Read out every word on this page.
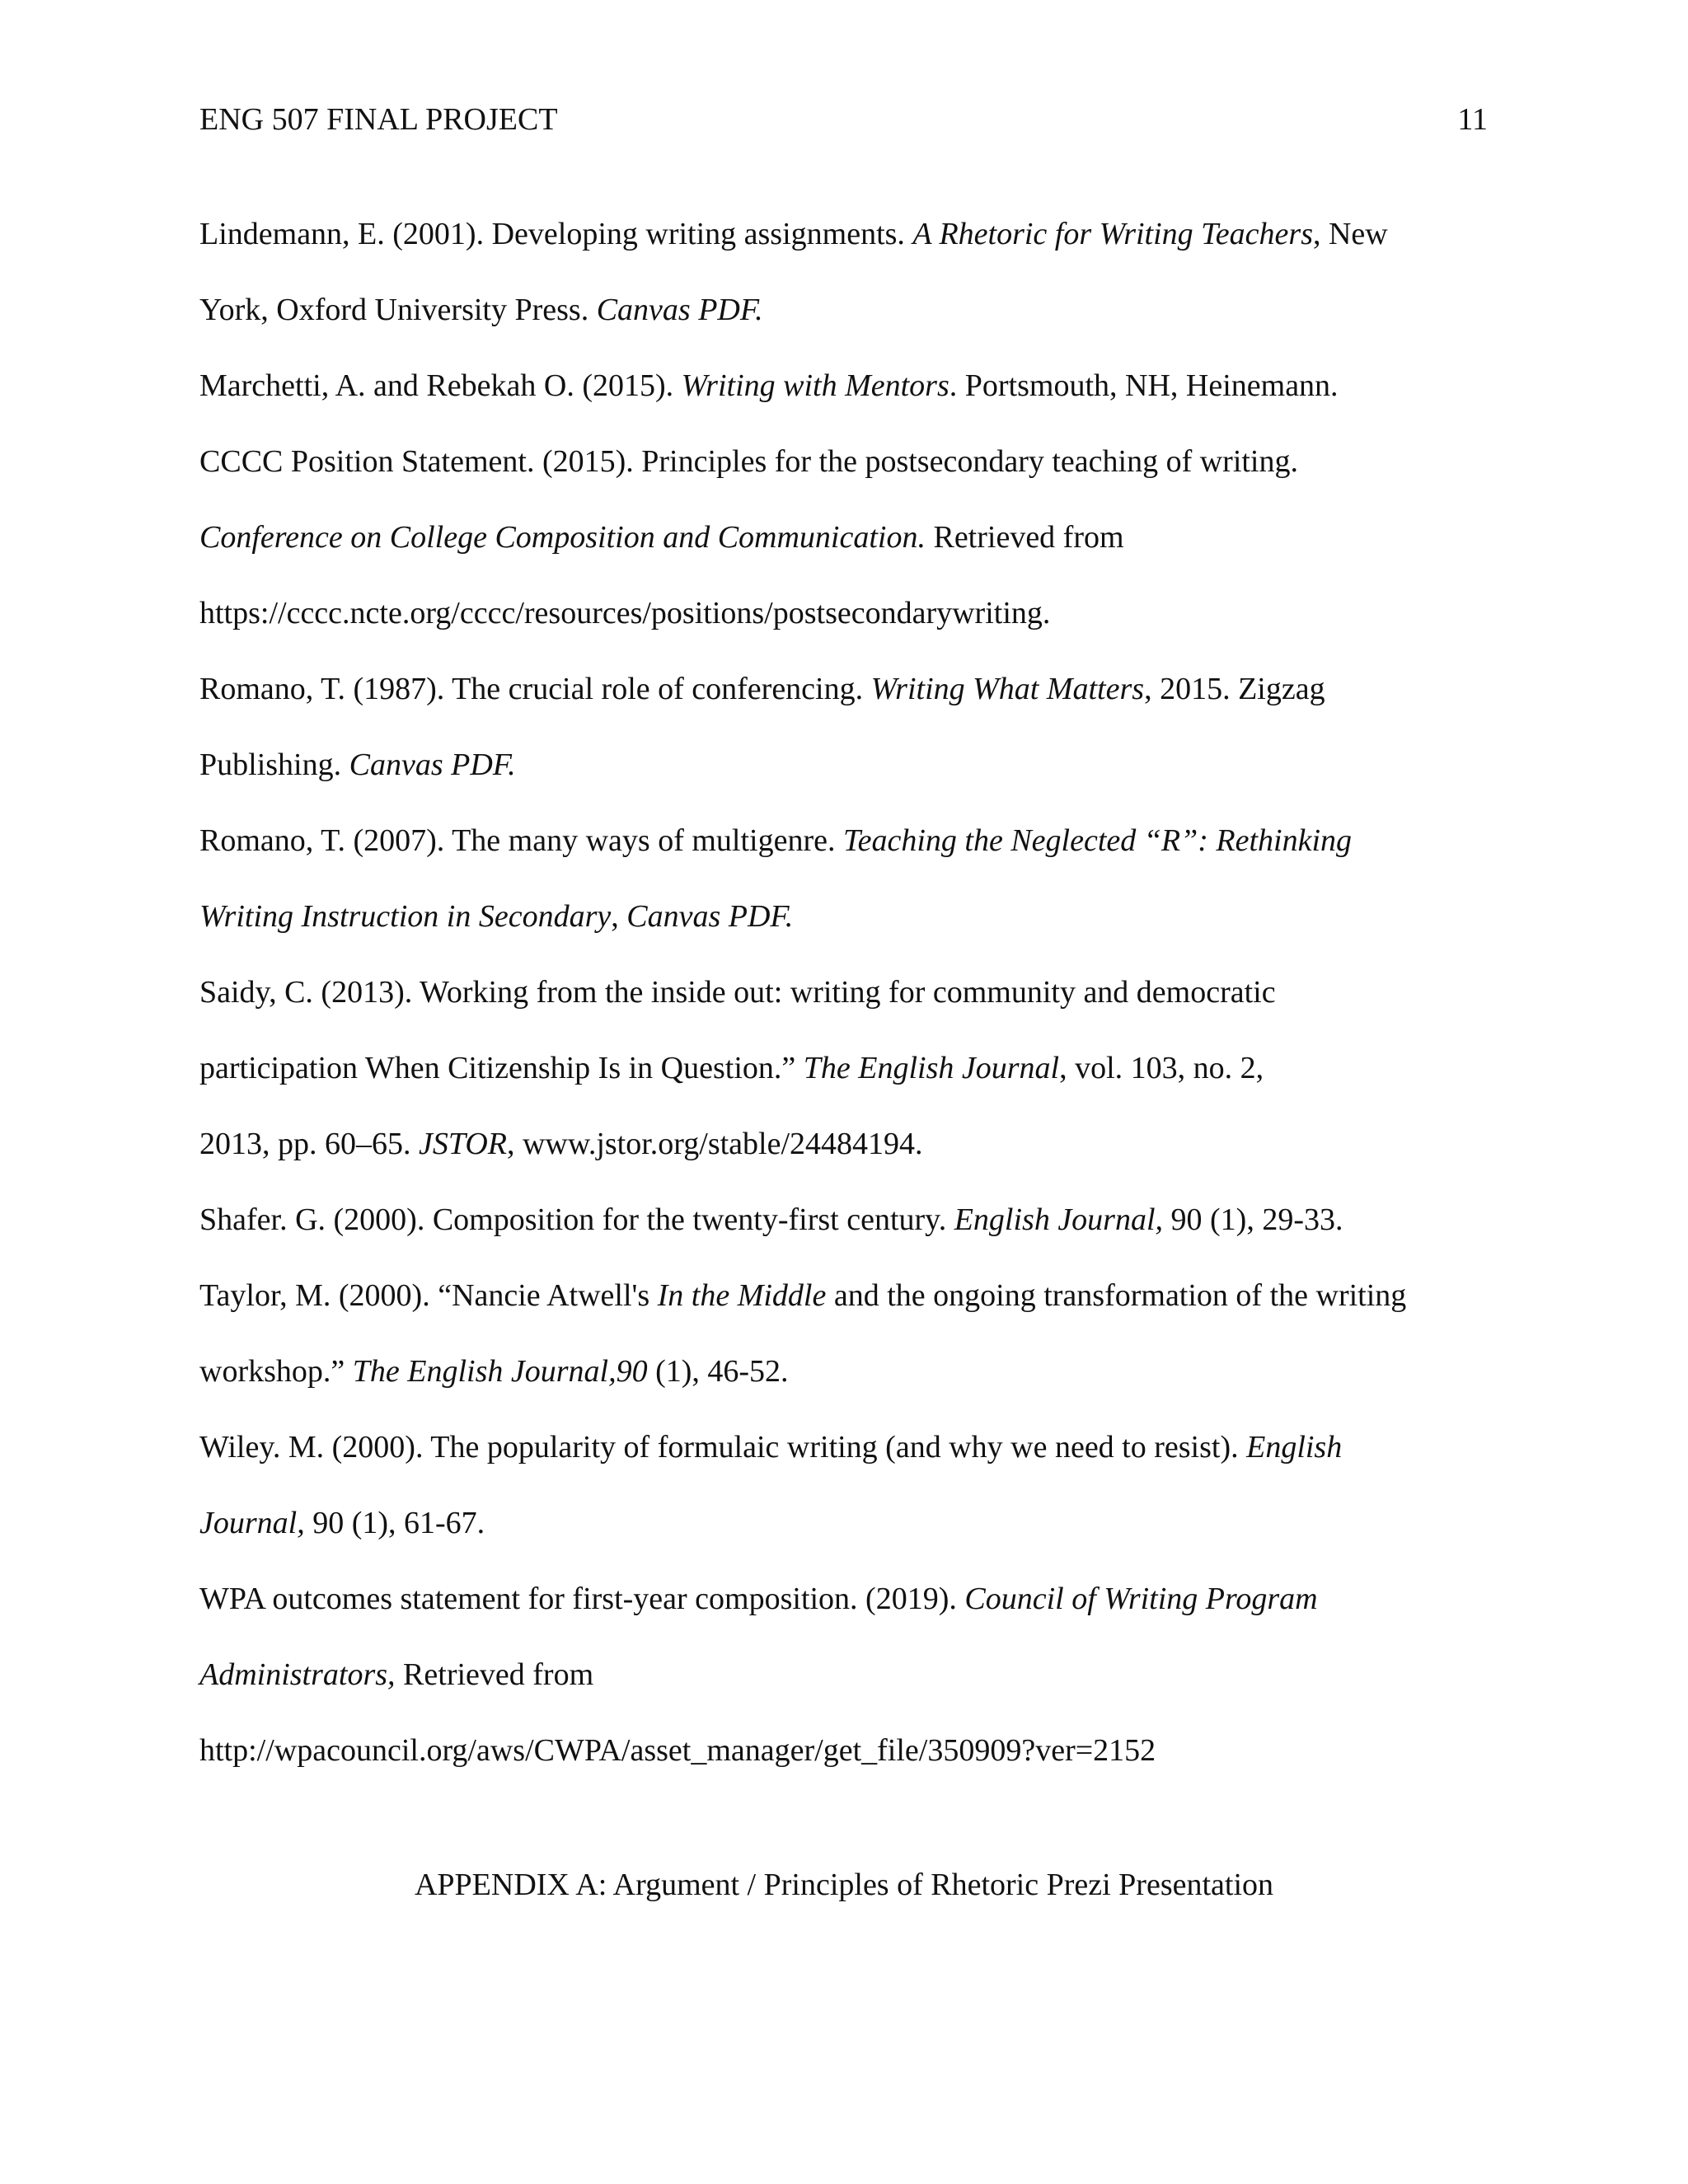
ENG 507 FINAL PROJECT	11

Lindemann, E. (2001). Developing writing assignments. A Rhetoric for Writing Teachers, New
York, Oxford University Press. Canvas PDF.

Marchetti, A. and Rebekah O. (2015). Writing with Mentors. Portsmouth, NH, Heinemann.

CCCC Position Statement. (2015). Principles for the postsecondary teaching of writing.
Conference on College Composition and Communication. Retrieved from
https://cccc.ncte.org/cccc/resources/positions/postsecondarywriting.

Romano, T. (1987). The crucial role of conferencing. Writing What Matters, 2015. Zigzag
Publishing. Canvas PDF.

Romano, T. (2007). The many ways of multigenre. Teaching the Neglected “R”: Rethinking
Writing Instruction in Secondary, Canvas PDF.

Saidy, C. (2013). Working from the inside out: writing for community and democratic
participation When Citizenship Is in Question.” The English Journal, vol. 103, no. 2,
2013, pp. 60–65. JSTOR, www.jstor.org/stable/24484194.

Shafer. G. (2000). Composition for the twenty-first century. English Journal, 90 (1), 29-33.

Taylor, M. (2000). “Nancie Atwell's In the Middle and the ongoing transformation of the writing
workshop.” The English Journal,90 (1), 46-52.

Wiley. M. (2000). The popularity of formulaic writing (and why we need to resist). English
Journal, 90 (1), 61-67.

WPA outcomes statement for first-year composition. (2019). Council of Writing Program
Administrators, Retrieved from
http://wpacouncil.org/aws/CWPA/asset_manager/get_file/350909?ver=2152

APPENDIX A: Argument / Principles of Rhetoric Prezi Presentation
